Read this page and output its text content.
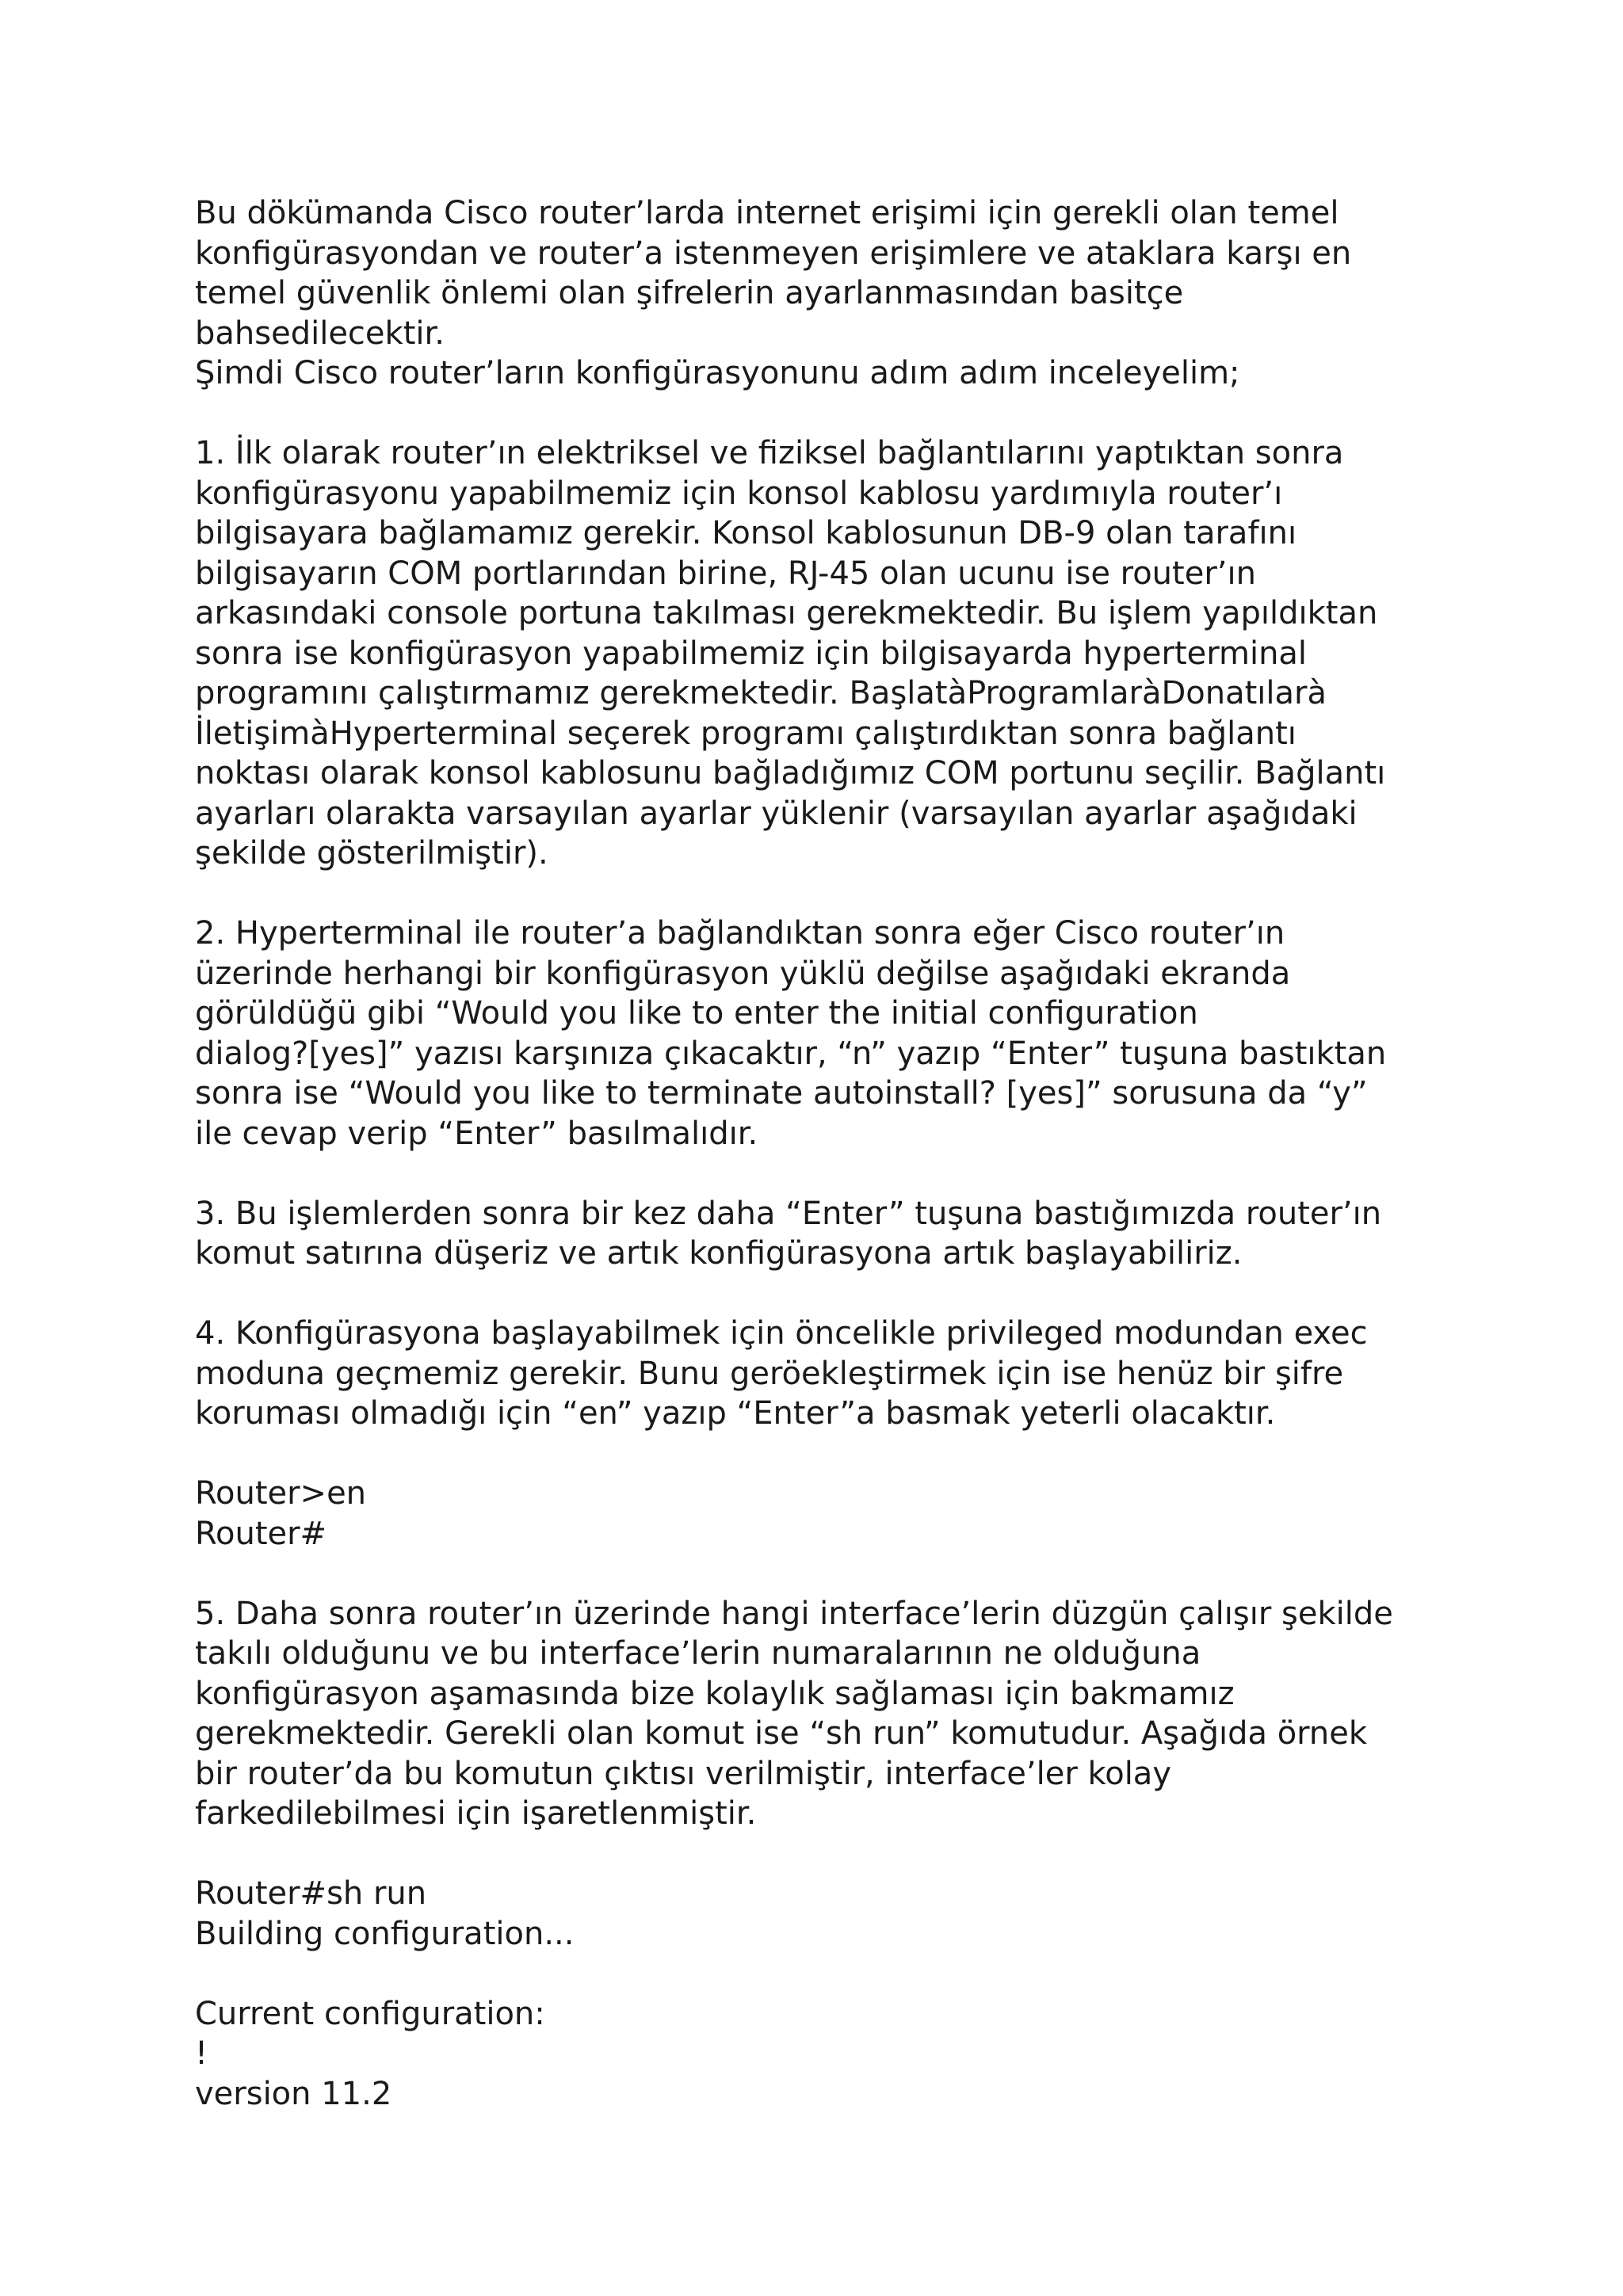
Bu dökümanda Cisco router’larda internet erişimi için gerekli olan temel
konfigürasyondan ve router’a istenmeyen erişimlere ve ataklara karşı en
temel güvenlik önlemi olan şifrelerin ayarlanmasından basitçe
bahsedilecektir.
Şimdi Cisco router’ların konfigürasyonunu adım adım inceleyelim;
1. İlk olarak router’ın elektriksel ve fiziksel bağlantılarını yaptıktan sonra
konfigürasyonu yapabilmemiz için konsol kablosu yardımıyla router’ı
bilgisayara bağlamamız gerekir. Konsol kablosunun DB-9 olan tarafını
bilgisayarın COM portlarından birine, RJ-45 olan ucunu ise router’ın
arkasındaki console portuna takılması gerekmektedir. Bu işlem yapıldıktan
sonra ise konfigürasyon yapabilmemiz için bilgisayarda hyperterminal
programını çalıştırmamız gerekmektedir. BaşlatàProgramlaràDonatılarà
İletişimàHyperterminal seçerek programı çalıştırdıktan sonra bağlantı
noktası olarak konsol kablosunu bağladığımız COM portunu seçilir. Bağlantı
ayarları olarakta varsayılan ayarlar yüklenir (varsayılan ayarlar aşağıdaki
şekilde gösterilmiştir).
2. Hyperterminal ile router’a bağlandıktan sonra eğer Cisco router’ın
üzerinde herhangi bir konfigürasyon yüklü değilse aşağıdaki ekranda
görüldüğü gibi “Would you like to enter the initial configuration
dialog?[yes]” yazısı karşınıza çıkacaktır, “n” yazıp “Enter” tuşuna bastıktan
sonra ise “Would you like to terminate autoinstall? [yes]” sorusuna da “y”
ile cevap verip “Enter” basılmalıdır.
3. Bu işlemlerden sonra bir kez daha “Enter” tuşuna bastığımızda router’ın
komut satırına düşeriz ve artık konfigürasyona artık başlayabiliriz.
4. Konfigürasyona başlayabilmek için öncelikle privileged modundan exec
moduna geçmemiz gerekir. Bunu geröekleştirmek için ise henüz bir şifre
koruması olmadığı için “en” yazıp “Enter”a basmak yeterli olacaktır.
Router>en
Router#
5. Daha sonra router’ın üzerinde hangi interface’lerin düzgün çalışır şekilde
takılı olduğunu ve bu interface’lerin numaralarının ne olduğuna
konfigürasyon aşamasında bize kolaylık sağlaması için bakmamız
gerekmektedir. Gerekli olan komut ise “sh run” komutudur. Aşağıda örnek
bir router’da bu komutun çıktısı verilmiştir, interface’ler kolay
farkedilebilmesi için işaretlenmiştir.
Router#sh run
Building configuration...
Current configuration:
!
version 11.2
